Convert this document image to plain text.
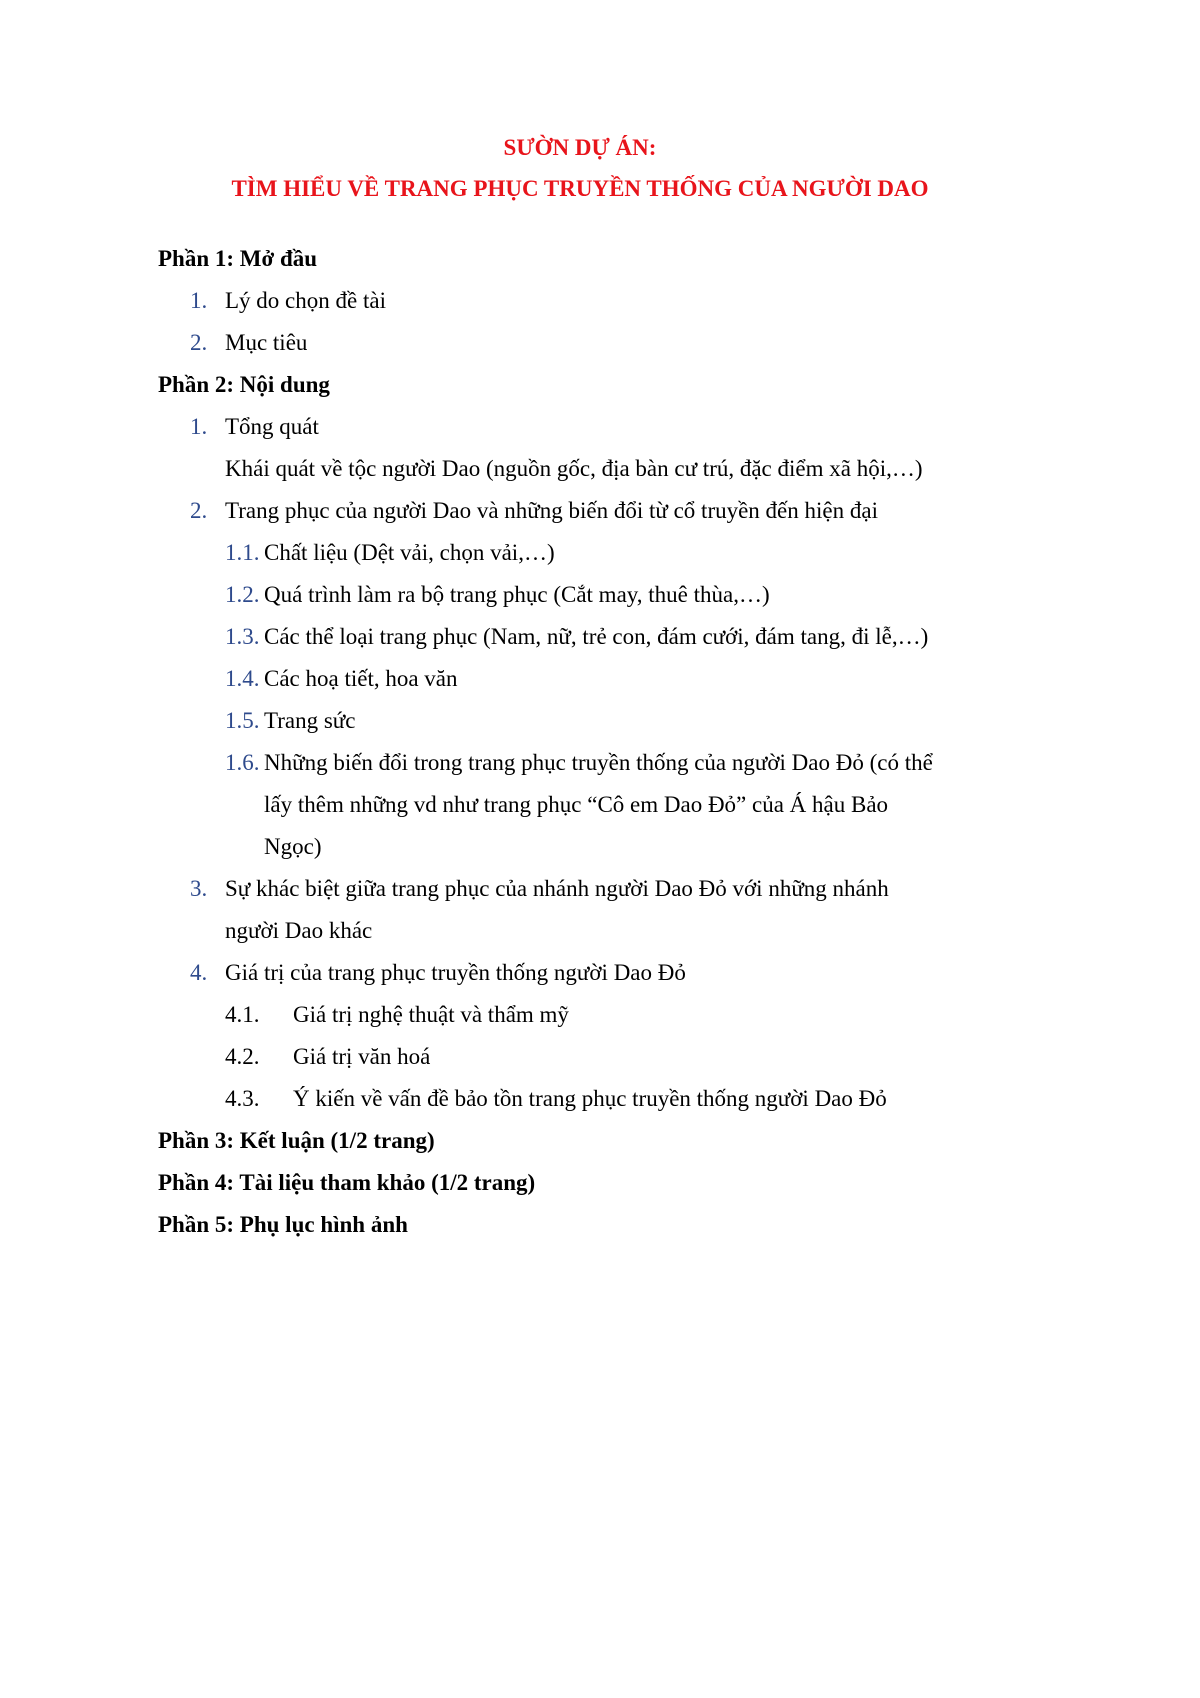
SƯỜN DỰ ÁN:
TÌM HIỂU VỀ TRANG PHỤC TRUYỀN THỐNG CỦA NGƯỜI DAO
Phần 1: Mở đầu
1. Lý do chọn đề tài
2. Mục tiêu
Phần 2: Nội dung
1. Tổng quát
Khái quát về tộc người Dao (nguồn gốc, địa bàn cư trú, đặc điểm xã hội,…)
2. Trang phục của người Dao và những biến đổi từ cổ truyền đến hiện đại
1.1. Chất liệu (Dệt vải, chọn vải,…)
1.2. Quá trình làm ra bộ trang phục (Cắt may, thuê thùa,…)
1.3. Các thể loại trang phục (Nam, nữ, trẻ con, đám cưới, đám tang, đi lễ,…)
1.4. Các hoạ tiết, hoa văn
1.5. Trang sức
1.6. Những biến đổi trong trang phục truyền thống của người Dao Đỏ (có thể
lấy thêm những vd như trang phục “Cô em Dao Đỏ” của Á hậu Bảo
Ngọc)
3. Sự khác biệt giữa trang phục của nhánh người Dao Đỏ với những nhánh
người Dao khác
4. Giá trị của trang phục truyền thống người Dao Đỏ
4.1. Giá trị nghệ thuật và thẩm mỹ
4.2. Giá trị văn hoá
4.3. Ý kiến về vấn đề bảo tồn trang phục truyền thống người Dao Đỏ
Phần 3: Kết luận (1/2 trang)
Phần 4: Tài liệu tham khảo (1/2 trang)
Phần 5: Phụ lục hình ảnh
